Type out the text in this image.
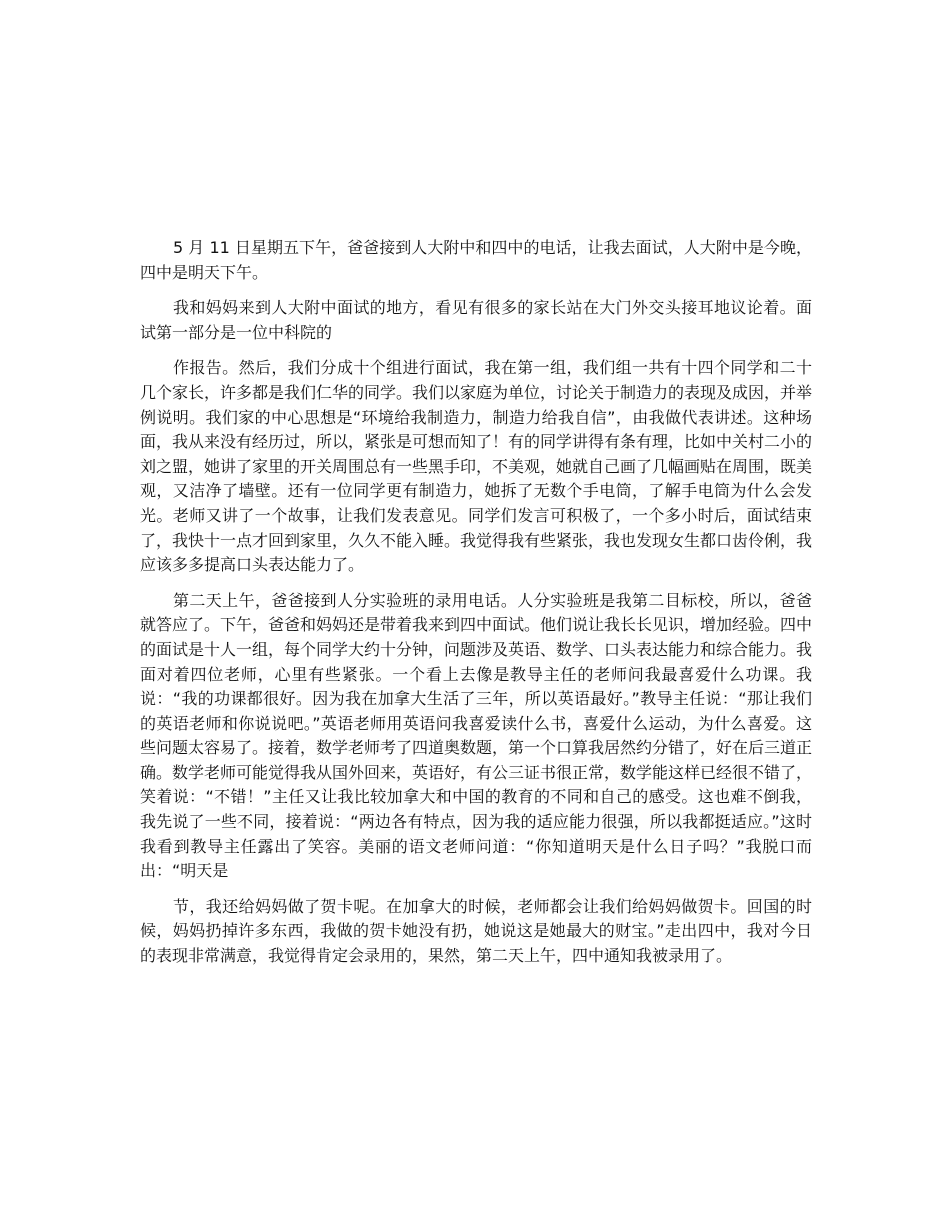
5 月 11 日星期五下午，爸爸接到人大附中和四中的电话，让我去面试，人大附中是今晚，四中是明天下午。

我和妈妈来到人大附中面试的地方，看见有很多的家长站在大门外交头接耳地议论着。面试第一部分是一位中科院的

作报告。然后，我们分成十个组进行面试，我在第一组，我们组一共有十四个同学和二十几个家长，许多都是我们仁华的同学。我们以家庭为单位，讨论关于制造力的表现及成因，并举例说明。我们家的中心思想是“环境给我制造力，制造力给我自信”，由我做代表讲述。这种场面，我从来没有经历过，所以，紧张是可想而知了！有的同学讲得有条有理，比如中关村二小的刘之盟，她讲了家里的开关周围总有一些黑手印，不美观，她就自己画了几幅画贴在周围，既美观，又洁净了墙壁。还有一位同学更有制造力，她拆了无数个手电筒，了解手电筒为什么会发光。老师又讲了一个故事，让我们发表意见。同学们发言可积极了，一个多小时后，面试结束了，我快十一点才回到家里，久久不能入睡。我觉得我有些紧张，我也发现女生都口齿伶俐，我应该多多提高口头表达能力了。

第二天上午，爸爸接到人分实验班的录用电话。人分实验班是我第二目标校，所以，爸爸就答应了。下午，爸爸和妈妈还是带着我来到四中面试。他们说让我长长见识，增加经验。四中的面试是十人一组，每个同学大约十分钟，问题涉及英语、数学、口头表达能力和综合能力。我面对着四位老师，心里有些紧张。一个看上去像是教导主任的老师问我最喜爱什么功课。我说：“我的功课都很好。因为我在加拿大生活了三年，所以英语最好。”教导主任说：“那让我们的英语老师和你说说吧。”英语老师用英语问我喜爱读什么书，喜爱什么运动，为什么喜爱。这些问题太容易了。接着，数学老师考了四道奥数题，第一个口算我居然约分错了，好在后三道正确。数学老师可能觉得我从国外回来，英语好，有公三证书很正常，数学能这样已经很不错了，笑着说：“不错！”主任又让我比较加拿大和中国的教育的不同和自己的感受。这也难不倒我，我先说了一些不同，接着说：“两边各有特点，因为我的适应能力很强，所以我都挺适应。”这时我看到教导主任露出了笑容。美丽的语文老师问道：“你知道明天是什么日子吗？”我脱口而出：“明天是

节，我还给妈妈做了贺卡呢。在加拿大的时候，老师都会让我们给妈妈做贺卡。回国的时候，妈妈扔掉许多东西，我做的贺卡她没有扔，她说这是她最大的财宝。”走出四中，我对今日的表现非常满意，我觉得肯定会录用的，果然，第二天上午，四中通知我被录用了。
